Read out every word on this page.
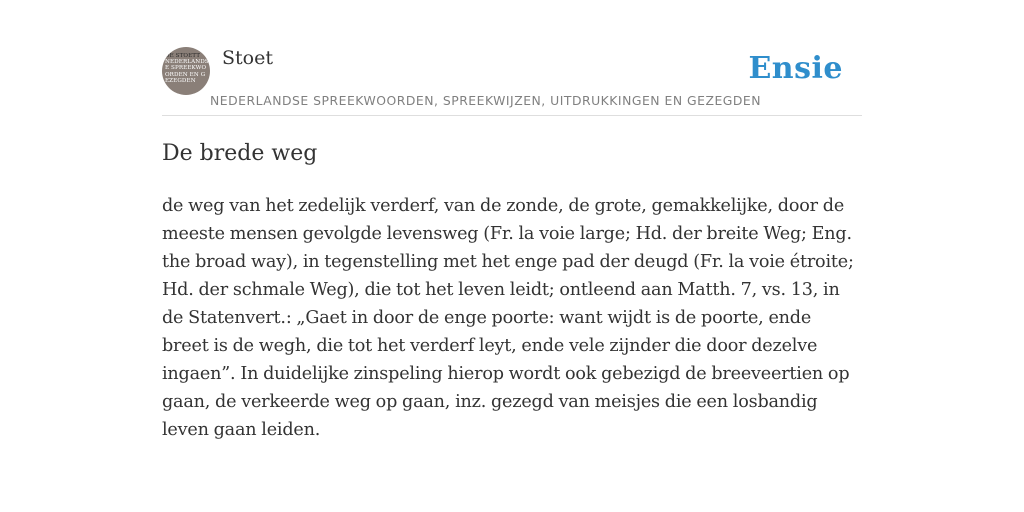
DE STOETT
NEDERLANDSE SPREEKWOORDEN EN GEZEGDEN
Stoet	Ensie
NEDERLANDSE SPREEKWOORDEN, SPREEKWIJZEN, UITDRUKKINGEN EN GEZEGDEN
De brede weg

de weg van het zedelijk verderf, van de zonde, de grote, gemakkelijke, door de meeste mensen gevolgde levensweg (Fr. la voie large; Hd. der breite Weg; Eng. the broad way), in tegenstelling met het enge pad der deugd (Fr. la voie étroite; Hd. der schmale Weg), die tot het leven leidt; ontleend aan Matth. 7, vs. 13, in de Statenvert.: „Gaet in door de enge poorte: want wijdt is de poorte, ende breet is de wegh, die tot het verderf leyt, ende vele zijnder die door dezelve ingaen”. In duidelijke zinspeling hierop wordt ook gebezigd de breeveertien op gaan, de verkeerde weg op gaan, inz. gezegd van meisjes die een losbandig leven gaan leiden.
